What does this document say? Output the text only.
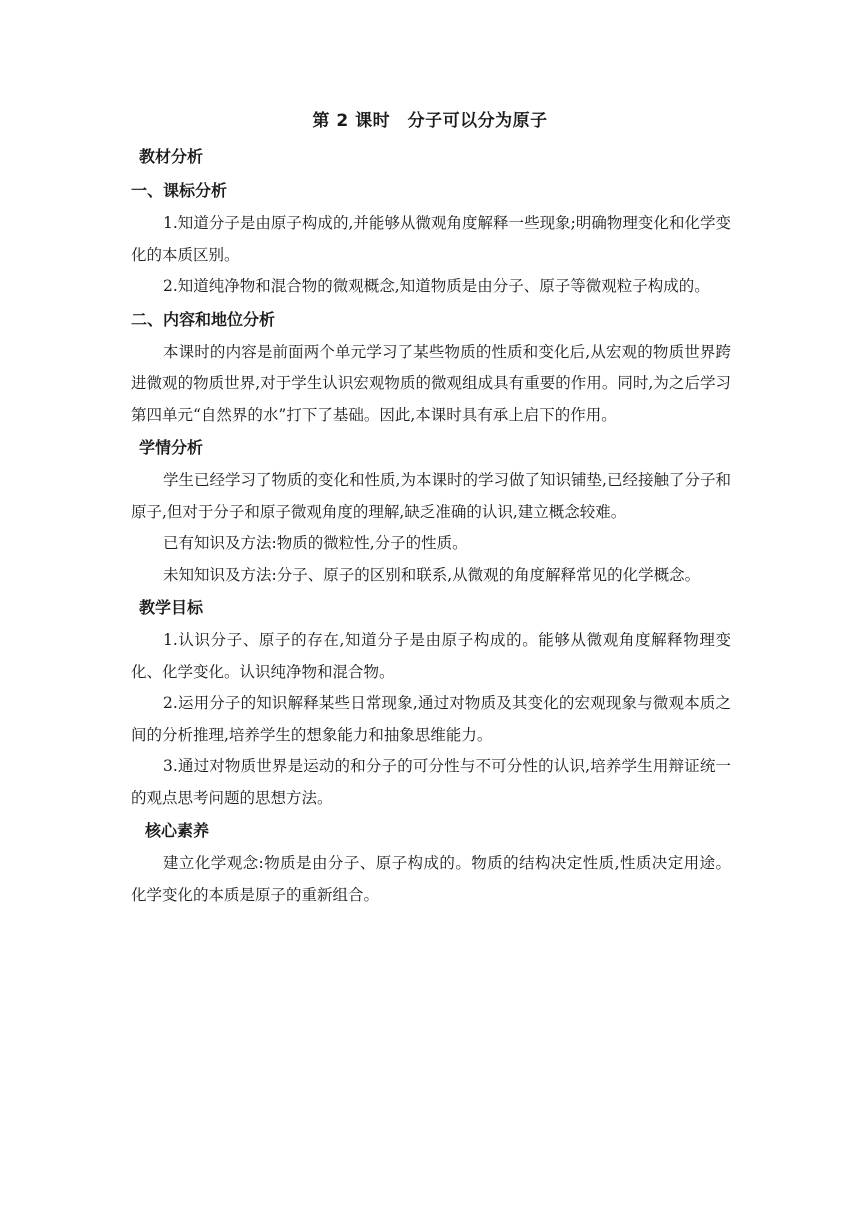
第 2 课时　分子可以分为原子
教材分析
一、课标分析

1.知道分子是由原子构成的,并能够从微观角度解释一些现象;明确物理变化和化学变化的本质区别。

2.知道纯净物和混合物的微观概念,知道物质是由分子、原子等微观粒子构成的。

二、内容和地位分析

本课时的内容是前面两个单元学习了某些物质的性质和变化后,从宏观的物质世界跨进微观的物质世界,对于学生认识宏观物质的微观组成具有重要的作用。同时,为之后学习第四单元“自然界的水”打下了基础。因此,本课时具有承上启下的作用。

学情分析

学生已经学习了物质的变化和性质,为本课时的学习做了知识铺垫,已经接触了分子和原子,但对于分子和原子微观角度的理解,缺乏准确的认识,建立概念较难。

已有知识及方法:物质的微粒性,分子的性质。

未知知识及方法:分子、原子的区别和联系,从微观的角度解释常见的化学概念。

教学目标

1.认识分子、原子的存在,知道分子是由原子构成的。能够从微观角度解释物理变化、化学变化。认识纯净物和混合物。

2.运用分子的知识解释某些日常现象,通过对物质及其变化的宏观现象与微观本质之间的分析推理,培养学生的想象能力和抽象思维能力。

3.通过对物质世界是运动的和分子的可分性与不可分性的认识,培养学生用辩证统一的观点思考问题的思想方法。

核心素养

建立化学观念:物质是由分子、原子构成的。物质的结构决定性质,性质决定用途。化学变化的本质是原子的重新组合。
